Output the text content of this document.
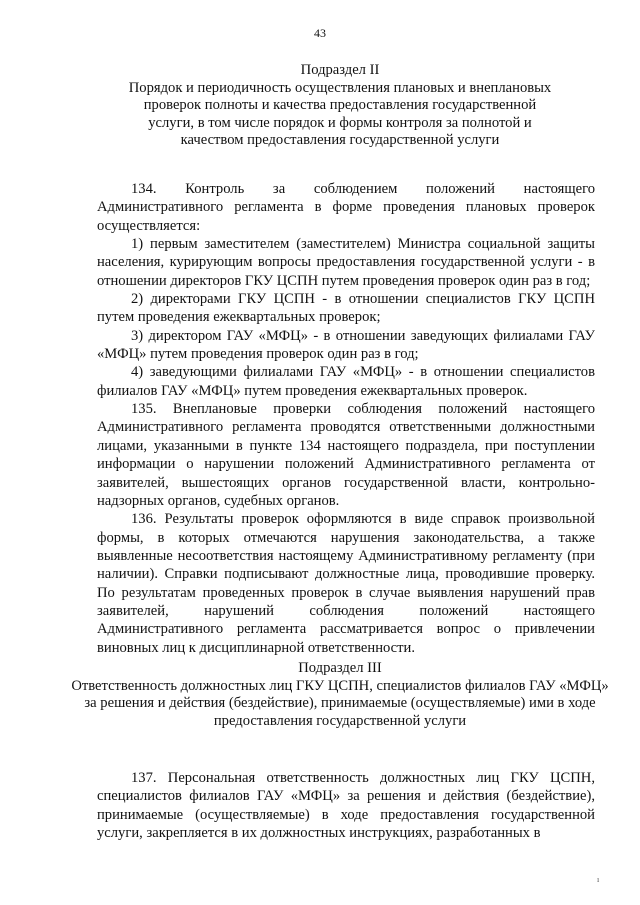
43
Подраздел II
Порядок и периодичность осуществления плановых и внеплановых проверок полноты и качества предоставления государственной услуги, в том числе порядок и формы контроля за полнотой и качеством предоставления государственной услуги

134. Контроль за соблюдением положений настоящего Административного регламента в форме проведения плановых проверок осуществляется:

1) первым заместителем (заместителем) Министра социальной защиты населения, курирующим вопросы предоставления государственной услуги - в отношении директоров ГКУ ЦСПН путем проведения проверок один раз в год;

2) директорами ГКУ ЦСПН - в отношении специалистов ГКУ ЦСПН путем проведения ежеквартальных проверок;

3) директором ГАУ «МФЦ» - в отношении заведующих филиалами ГАУ «МФЦ» путем проведения проверок один раз в год;

4) заведующими филиалами ГАУ «МФЦ» - в отношении специалистов филиалов ГАУ «МФЦ» путем проведения ежеквартальных проверок.

135. Внеплановые проверки соблюдения положений настоящего Административного регламента проводятся ответственными должностными лицами, указанными в пункте 134 настоящего подраздела, при поступлении информации о нарушении положений Административного регламента от заявителей, вышестоящих органов государственной власти, контрольно-надзорных органов, судебных органов.

136. Результаты проверок оформляются в виде справок произвольной формы, в которых отмечаются нарушения законодательства, а также выявленные несоответствия настоящему Административному регламенту (при наличии). Справки подписывают должностные лица, проводившие проверку. По результатам проведенных проверок в случае выявления нарушений прав заявителей, нарушений соблюдения положений настоящего Административного регламента рассматривается вопрос о привлечении виновных лиц к дисциплинарной ответственности.

Подраздел III
Ответственность должностных лиц ГКУ ЦСПН, специалистов филиалов ГАУ «МФЦ» за решения и действия (бездействие), принимаемые (осуществляемые) ими в ходе предоставления государственной услуги

137. Персональная ответственность должностных лиц ГКУ ЦСПН, специалистов филиалов ГАУ «МФЦ» за решения и действия (бездействие), принимаемые (осуществляемые) в ходе предоставления государственной услуги, закрепляется в их должностных инструкциях, разработанных в

ı
